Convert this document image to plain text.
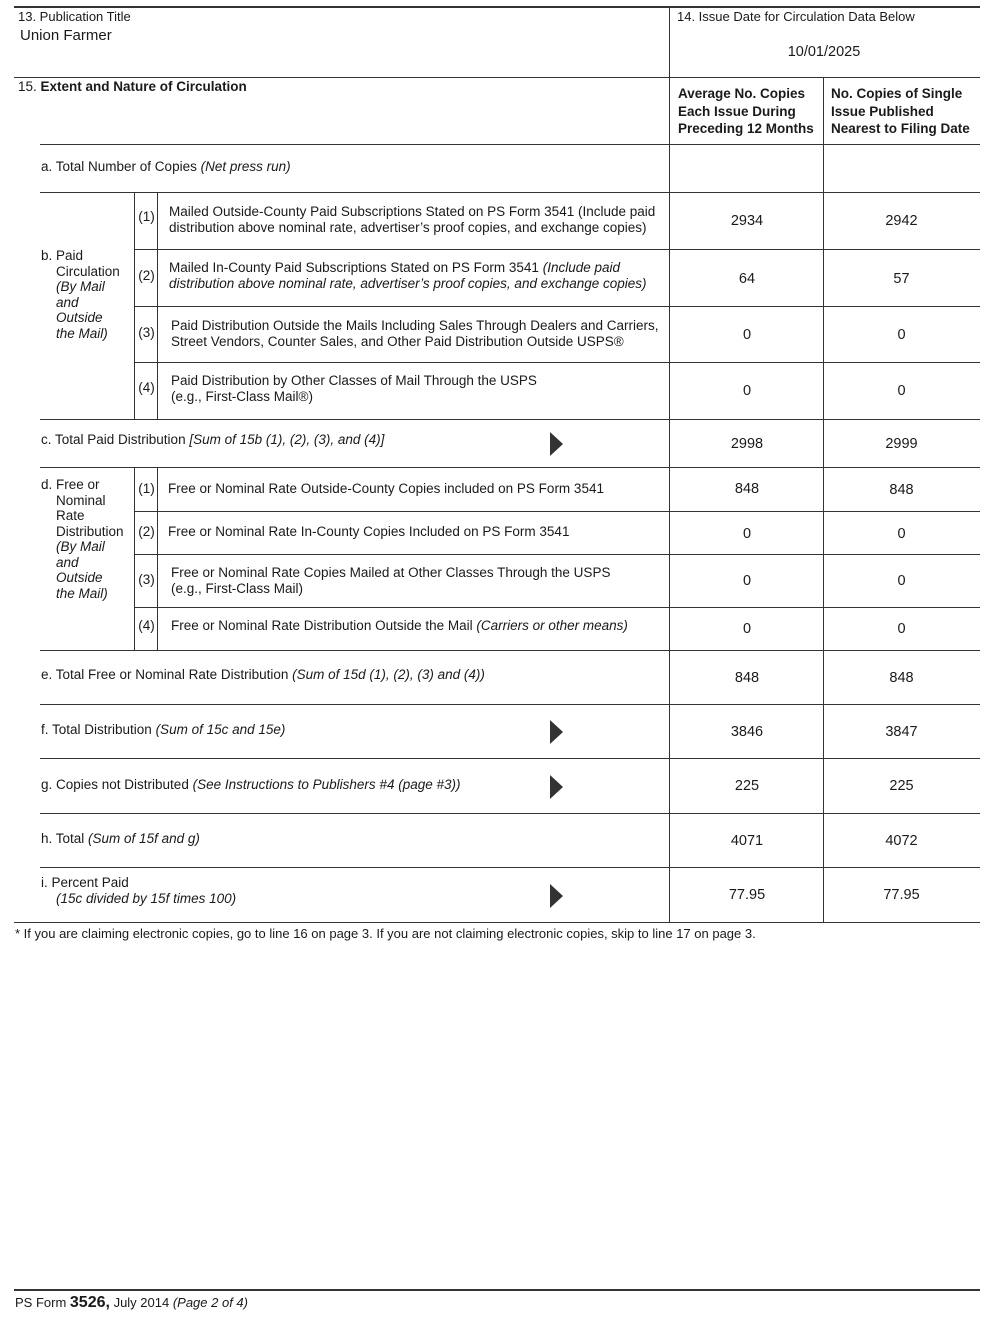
13. Publication Title
Union Farmer
14. Issue Date for Circulation Data Below
10/01/2025
15. Extent and Nature of Circulation	Average No. Copies
Each Issue During
Preceding 12 Months
No. Copies of Single
Issue Published
Nearest to Filing Date
a. Total Number of Copies (Net press run)
b. Paid
Circulation
(By Mail
and
Outside
the Mail)
(1) Mailed Outside-County Paid Subscriptions Stated on PS Form 3541 (Include paid
distribution above nominal rate, advertiser’s proof copies, and exchange copies)	2934	2942
(2)
Mailed In-County Paid Subscriptions Stated on PS Form 3541 (Include paid
distribution above nominal rate, advertiser’s proof copies, and exchange copies)	64	57
(3) Paid Distribution Outside the Mails Including Sales Through Dealers and Carriers,
Street Vendors, Counter Sales, and Other Paid Distribution Outside USPS®	0	0
(4) Paid Distribution by Other Classes of Mail Through the USPS
(e.g., First-Class Mail®)	0	0
c. Total Paid Distribution [Sum of 15b (1), (2), (3), and (4)]	2998	2999
d. Free or
Nominal
Rate
Distribution
(By Mail
and
Outside
the Mail)
(1) Free or Nominal Rate Outside-County Copies included on PS Form 3541	848	848
(2) Free or Nominal Rate In-County Copies Included on PS Form 3541	0	0
(3) Free or Nominal Rate Copies Mailed at Other Classes Through the USPS
(e.g., First-Class Mail)	0	0
(4) Free or Nominal Rate Distribution Outside the Mail (Carriers or other means)	0	0
e. Total Free or Nominal Rate Distribution (Sum of 15d (1), (2), (3) and (4))	848	848
f. Total Distribution (Sum of 15c and 15e)	3846	3847
g. Copies not Distributed (See Instructions to Publishers #4 (page #3))	225	225
h. Total (Sum of 15f and g)	4071	4072
i. Percent Paid
(15c divided by 15f times 100)	77.95	77.95
* If you are claiming electronic copies, go to line 16 on page 3. If you are not claiming electronic copies, skip to line 17 on page 3.
PS Form 3526, July 2014 (Page 2 of 4)
